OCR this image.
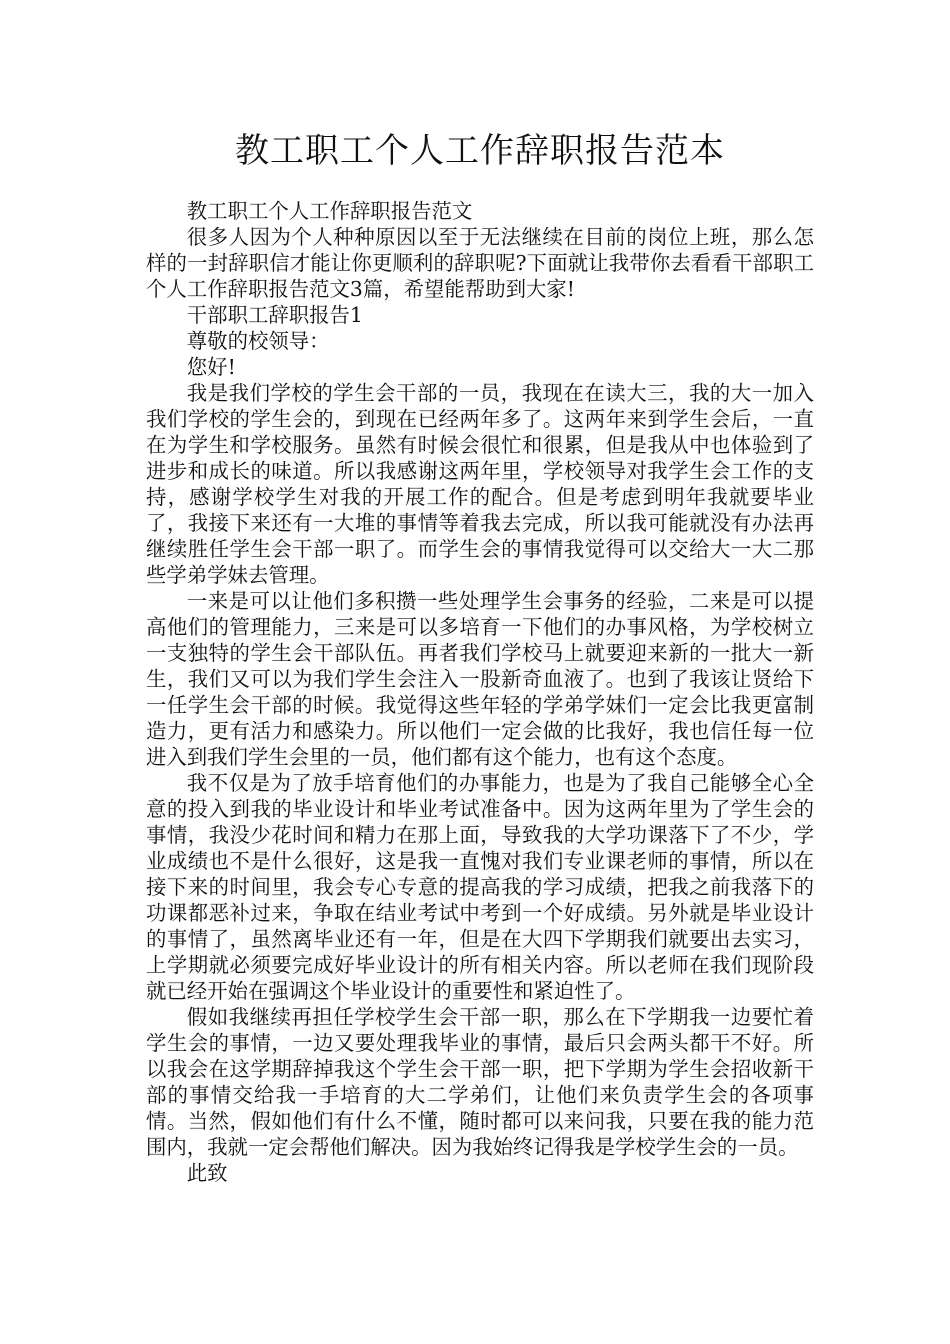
教工职工个人工作辞职报告范本

教工职工个人工作辞职报告范文

很多人因为个人种种原因以至于无法继续在目前的岗位上班，那么怎样的一封辞职信才能让你更顺利的辞职呢?下面就让我带你去看看干部职工个人工作辞职报告范文3篇，希望能帮助到大家!

干部职工辞职报告1

尊敬的校领导：

您好!

我是我们学校的学生会干部的一员，我现在在读大三，我的大一加入我们学校的学生会的，到现在已经两年多了。这两年来到学生会后，一直在为学生和学校服务。虽然有时候会很忙和很累，但是我从中也体验到了进步和成长的味道。所以我感谢这两年里，学校领导对我学生会工作的支持，感谢学校学生对我的开展工作的配合。但是考虑到明年我就要毕业了，我接下来还有一大堆的事情等着我去完成，所以我可能就没有办法再继续胜任学生会干部一职了。而学生会的事情我觉得可以交给大一大二那些学弟学妹去管理。

一来是可以让他们多积攒一些处理学生会事务的经验，二来是可以提高他们的管理能力，三来是可以多培育一下他们的办事风格，为学校树立一支独特的学生会干部队伍。再者我们学校马上就要迎来新的一批大一新生，我们又可以为我们学生会注入一股新奇血液了。也到了我该让贤给下一任学生会干部的时候。我觉得这些年轻的学弟学妹们一定会比我更富制造力，更有活力和感染力。所以他们一定会做的比我好，我也信任每一位进入到我们学生会里的一员，他们都有这个能力，也有这个态度。

我不仅是为了放手培育他们的办事能力，也是为了我自己能够全心全意的投入到我的毕业设计和毕业考试准备中。因为这两年里为了学生会的事情，我没少花时间和精力在那上面，导致我的大学功课落下了不少，学业成绩也不是什么很好，这是我一直愧对我们专业课老师的事情，所以在接下来的时间里，我会专心专意的提高我的学习成绩，把我之前我落下的功课都恶补过来，争取在结业考试中考到一个好成绩。另外就是毕业设计的事情了，虽然离毕业还有一年，但是在大四下学期我们就要出去实习，上学期就必须要完成好毕业设计的所有相关内容。所以老师在我们现阶段就已经开始在强调这个毕业设计的重要性和紧迫性了。

假如我继续再担任学校学生会干部一职，那么在下学期我一边要忙着学生会的事情，一边又要处理我毕业的事情，最后只会两头都干不好。所以我会在这学期辞掉我这个学生会干部一职，把下学期为学生会招收新干部的事情交给我一手培育的大二学弟们，让他们来负责学生会的各项事情。当然，假如他们有什么不懂，随时都可以来问我，只要在我的能力范围内，我就一定会帮他们解决。因为我始终记得我是学校学生会的一员。

此致
